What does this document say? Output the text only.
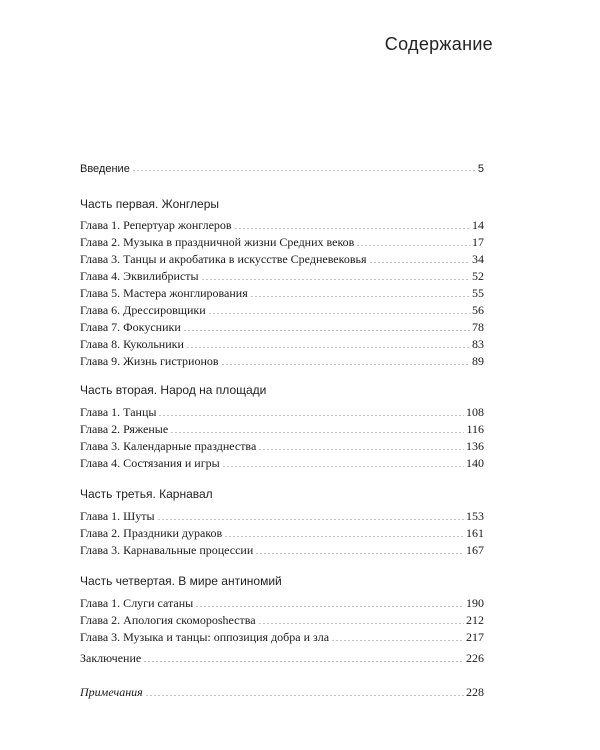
Содержание
Введение	5
Часть первая. Жонглеры
Глава 1. Репертуар жонглеров	14
Глава 2. Музыка в праздничной жизни Средних веков	17
Глава 3. Танцы и акробатика в искусстве Средневековья	34
Глава 4. Эквилибристы	52
Глава 5. Мастера жонглирования	55
Глава 6. Дрессировщики	56
Глава 7. Фокусники	78
Глава 8. Кукольники	83
Глава 9. Жизнь гистрионов	89
Часть вторая. Народ на площади
Глава 1. Танцы	108
Глава 2. Ряженые	116
Глава 3. Календарные празднества	136
Глава 4. Состязания и игры	140
Часть третья. Карнавал
Глава 1. Шуты	153
Глава 2. Праздники дураков	161
Глава 3. Карнавальные процессии	167
Часть четвертая. В мире антиномий
Глава 1. Слуги сатаны	190
Глава 2. Апология скомороshества	212
Глава 3. Музыка и танцы: оппозиция добра и зла	217
Заключение	226
Примечания	228
